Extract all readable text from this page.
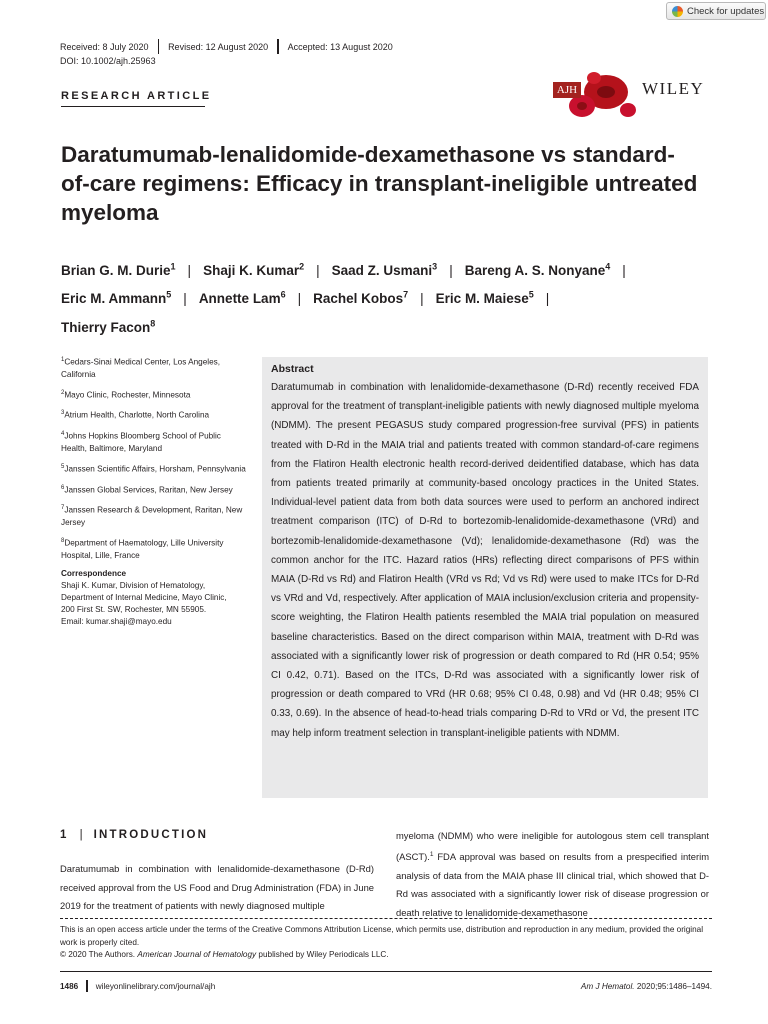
Check for updates
Received: 8 July 2020 Revised: 12 August 2020 Accepted: 13 August 2020
DOI: 10.1002/ajh.25963
RESEARCH ARTICLE	AJH	WILEY
Daratumumab-lenalidomide-dexamethasone vs standard-of-care regimens: Efficacy in transplant-ineligible untreated myeloma
Brian G. M. Durie$^1$ | Shaji K. Kumar$^2$ | Saad Z. Usmani$^3$ | Bareng A. S. Nonyane$^4$ |
Eric M. Ammann$^5$ | Annette Lam$^6$ | Rachel Kobos$^7$ | Eric M. Maiese$^5$ |
Thierry Facon$^8$

$^1$Cedars-Sinai Medical Center, Los Angeles, California

$^2$Mayo Clinic, Rochester, Minnesota

$^3$Atrium Health, Charlotte, North Carolina

$^4$Johns Hopkins Bloomberg School of Public Health, Baltimore, Maryland

$^5$Janssen Scientific Affairs, Horsham, Pennsylvania

$^6$Janssen Global Services, Raritan, New Jersey

$^7$Janssen Research & Development, Raritan, New Jersey

$^8$Department of Haematology, Lille University Hospital, Lille, France

Correspondence
Shaji K. Kumar, Division of Hematology,
Department of Internal Medicine, Mayo Clinic,
200 First St. SW, Rochester, MN 55905.
Email: kumar.shaji@mayo.edu
Abstract
Daratumumab in combination with lenalidomide-dexamethasone (D-Rd) recently received FDA approval for the treatment of transplant-ineligible patients with newly diagnosed multiple myeloma (NDMM). The present PEGASUS study compared progression-free survival (PFS) in patients treated with D-Rd in the MAIA trial and patients treated with common standard-of-care regimens from the Flatiron Health electronic health record-derived deidentified database, which has data from patients treated primarily at community-based oncology practices in the United States. Individual-level patient data from both data sources were used to perform an anchored indirect treatment comparison (ITC) of D-Rd to bortezomib-lenalidomide-dexamethasone (VRd) and bortezomib-lenalidomide-dexamethasone (Vd); lenalidomide-dexamethasone (Rd) was the common anchor for the ITC. Hazard ratios (HRs) reflecting direct comparisons of PFS within MAIA (D-Rd vs Rd) and Flatiron Health (VRd vs Rd; Vd vs Rd) were used to make ITCs for D-Rd vs VRd and Vd, respectively. After application of MAIA inclusion/exclusion criteria and propensity-score weighting, the Flatiron Health patients resembled the MAIA trial population on measured baseline characteristics. Based on the direct comparison within MAIA, treatment with D-Rd was associated with a significantly lower risk of progression or death compared to Rd (HR 0.54; 95% CI 0.42, 0.71). Based on the ITCs, D-Rd was associated with a significantly lower risk of progression or death compared to VRd (HR 0.68; 95% CI 0.48, 0.98) and Vd (HR 0.48; 95% CI 0.33, 0.69). In the absence of head-to-head trials comparing D-Rd to VRd or Vd, the present ITC may help inform treatment selection in transplant-ineligible patients with NDMM.
1 | INTRODUCTION
Daratumumab in combination with lenalidomide-dexamethasone (D-Rd) received approval from the US Food and Drug Administration (FDA) in June 2019 for the treatment of patients with newly diagnosed multiple
myeloma (NDMM) who were ineligible for autologous stem cell transplant (ASCT).$^1$ FDA approval was based on results from a prespecified interim analysis of data from the MAIA phase III clinical trial, which showed that D-Rd was associated with a significantly lower risk of disease progression or death relative to lenalidomide-dexamethasone
This is an open access article under the terms of the Creative Commons Attribution License, which permits use, distribution and reproduction in any medium, provided the original work is properly cited.
© 2020 The Authors. American Journal of Hematology published by Wiley Periodicals LLC.
1486 wileyonlinelibrary.com/journal/ajh	Am J Hematol. 2020;95:1486–1494.
